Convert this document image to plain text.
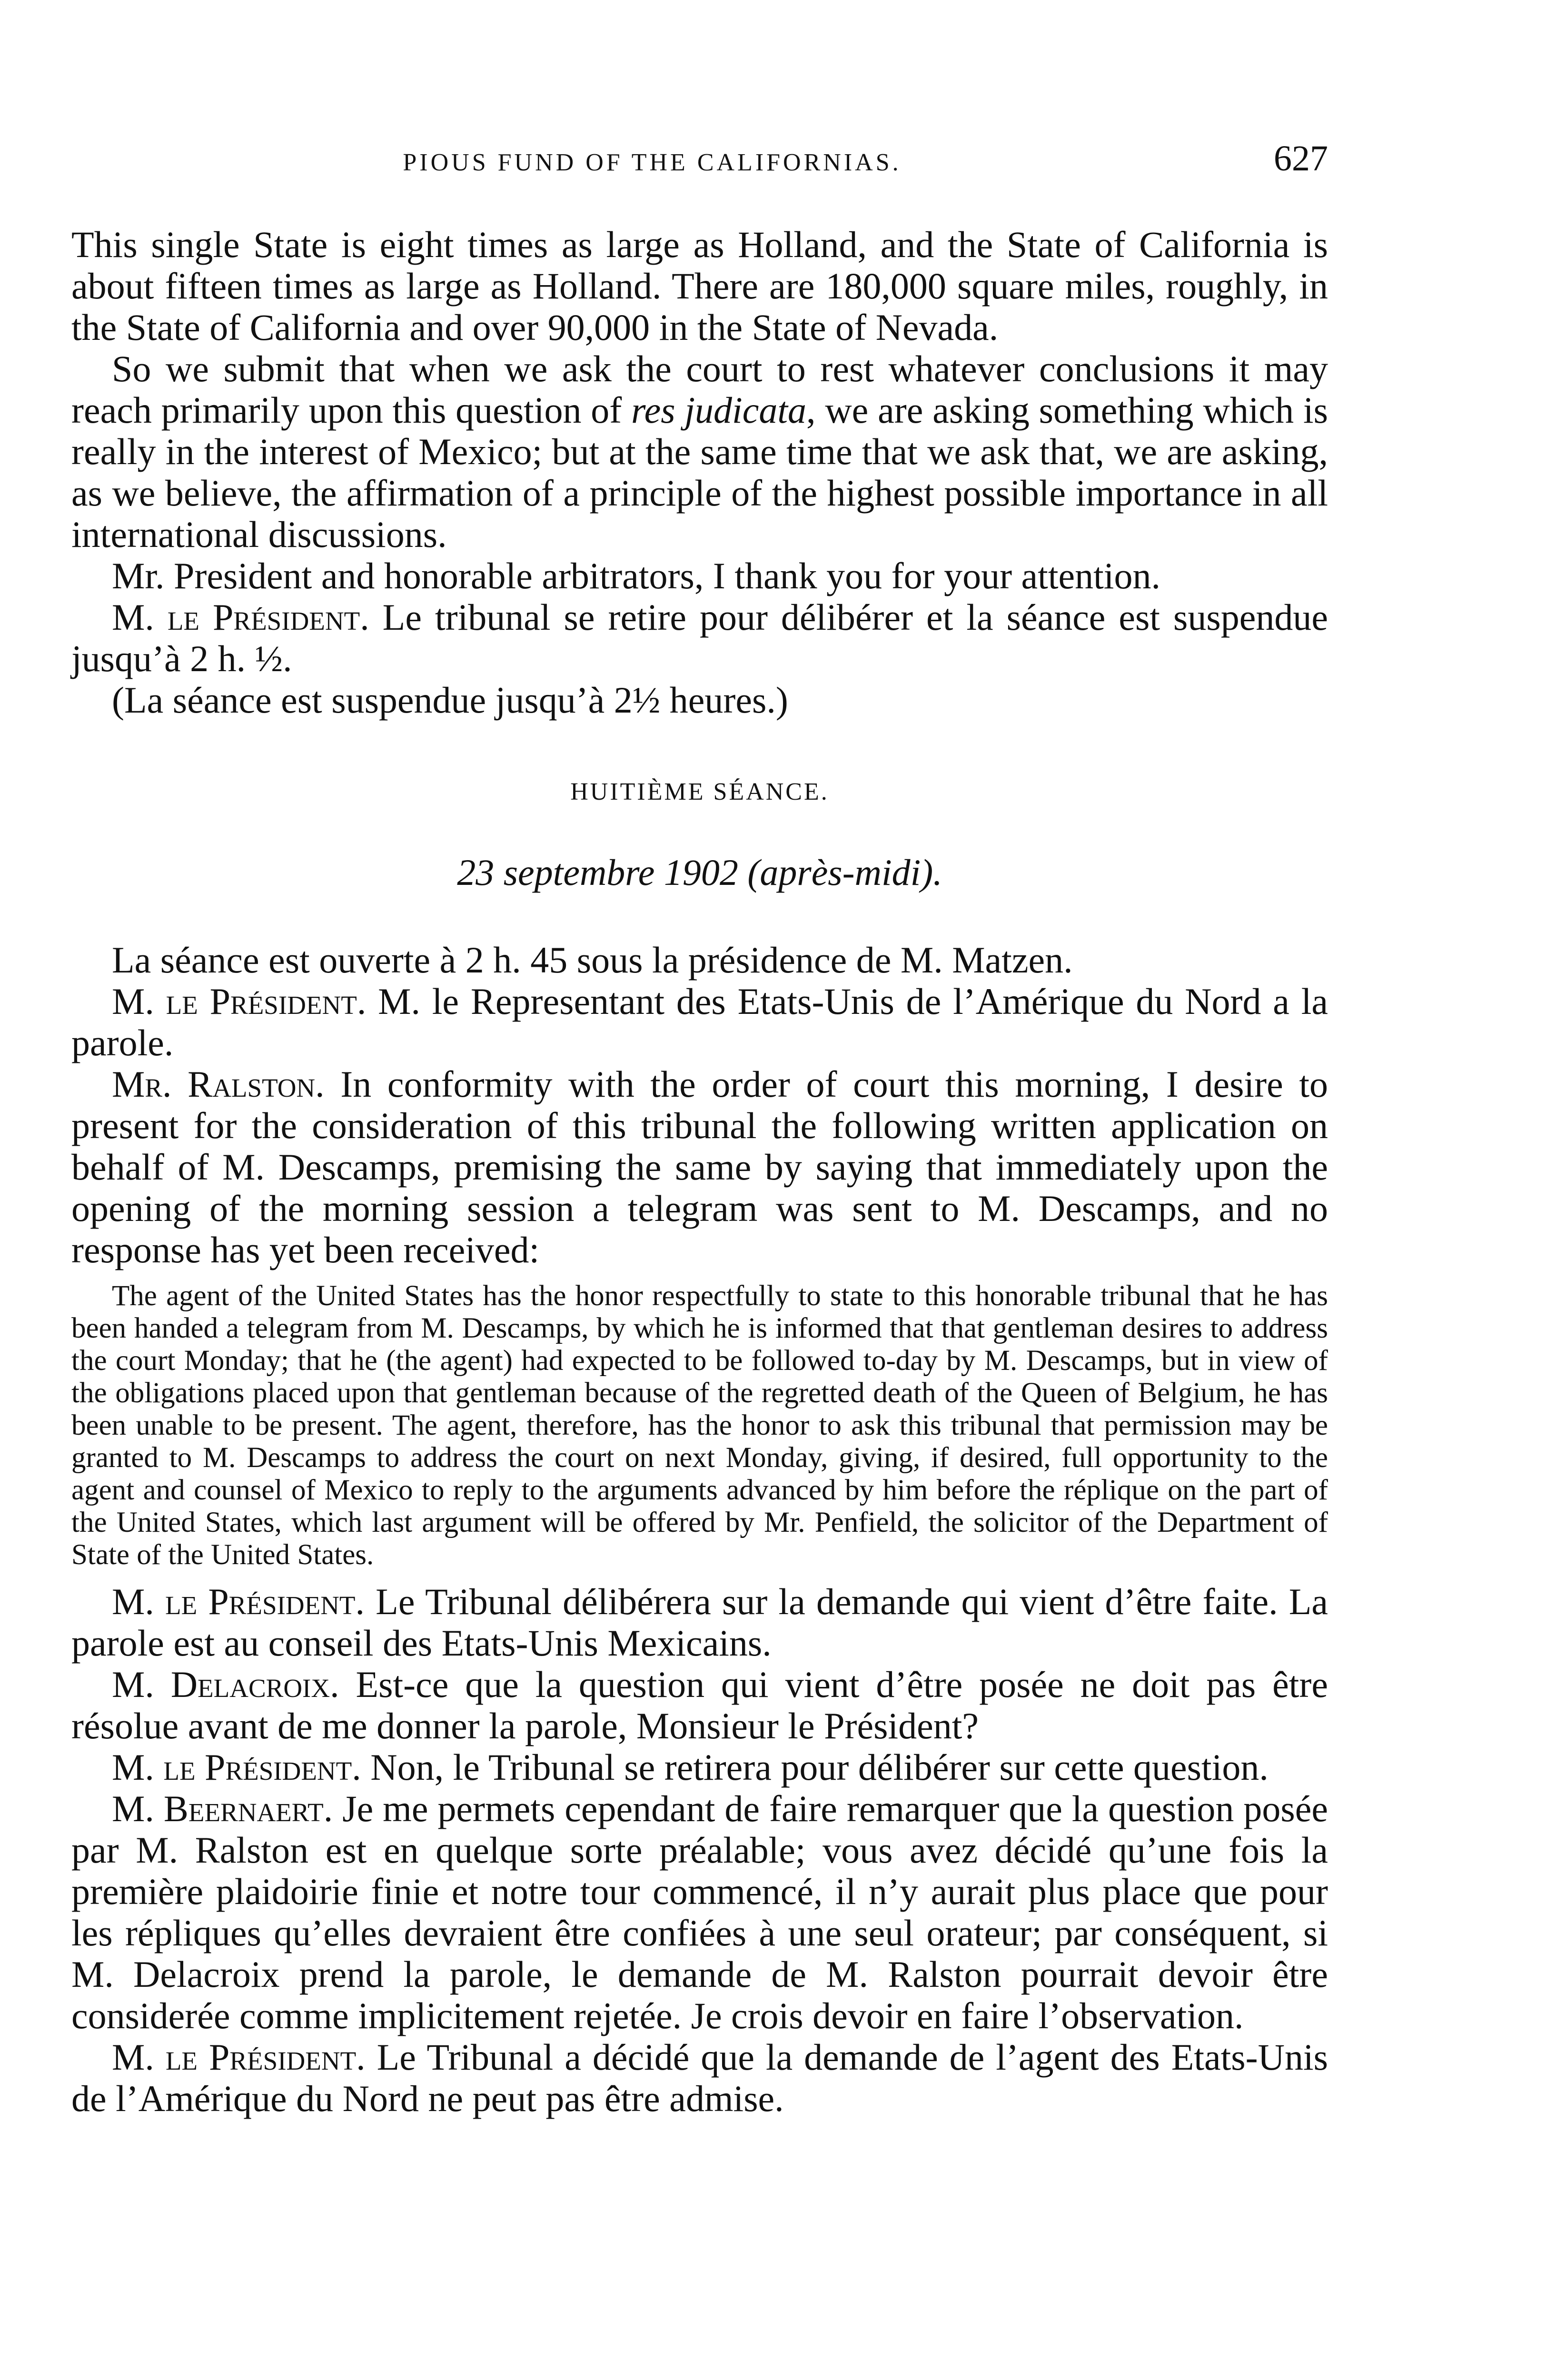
PIOUS FUND OF THE CALIFORNIAS.	627

This single State is eight times as large as Holland, and the State of California is about fifteen times as large as Holland. There are 180,000 square miles, roughly, in the State of California and over 90,000 in the State of Nevada.

So we submit that when we ask the court to rest whatever conclusions it may reach primarily upon this question of res judicata, we are asking something which is really in the interest of Mexico; but at the same time that we ask that, we are asking, as we believe, the affirmation of a principle of the highest possible importance in all international discussions.

Mr. President and honorable arbitrators, I thank you for your attention.

M. le Président. Le tribunal se retire pour délibérer et la séance est suspendue jusqu’à 2 h. ½.

(La séance est suspendue jusqu’à 2½ heures.)

HUITIÈME SÉANCE.
23 septembre 1902 (après-midi).

La séance est ouverte à 2 h. 45 sous la présidence de M. Matzen.

M. le Président. M. le Representant des Etats-Unis de l’Amérique du Nord a la parole.

Mr. Ralston. In conformity with the order of court this morning, I desire to present for the consideration of this tribunal the following written application on behalf of M. Descamps, premising the same by saying that immediately upon the opening of the morning session a telegram was sent to M. Descamps, and no response has yet been received:

The agent of the United States has the honor respectfully to state to this honorable tribunal that he has been handed a telegram from M. Descamps, by which he is informed that that gentleman desires to address the court Monday; that he (the agent) had expected to be followed to-day by M. Descamps, but in view of the obligations placed upon that gentleman because of the regretted death of the Queen of Belgium, he has been unable to be present. The agent, therefore, has the honor to ask this tribunal that permission may be granted to M. Descamps to address the court on next Monday, giving, if desired, full opportunity to the agent and counsel of Mexico to reply to the arguments advanced by him before the réplique on the part of the United States, which last argument will be offered by Mr. Penfield, the solicitor of the Department of State of the United States.

M. le Président. Le Tribunal délibérera sur la demande qui vient d’être faite. La parole est au conseil des Etats-Unis Mexicains.

M. Delacroix. Est-ce que la question qui vient d’être posée ne doit pas être résolue avant de me donner la parole, Monsieur le Président?

M. le Président. Non, le Tribunal se retirera pour délibérer sur cette question.

M. Beernaert. Je me permets cependant de faire remarquer que la question posée par M. Ralston est en quelque sorte préalable; vous avez décidé qu’une fois la première plaidoirie finie et notre tour commencé, il n’y aurait plus place que pour les répliques qu’elles devraient être confiées à une seul orateur; par conséquent, si M. Delacroix prend la parole, le demande de M. Ralston pourrait devoir être considerée comme implicitement rejetée. Je crois devoir en faire l’observation.

M. le Président. Le Tribunal a décidé que la demande de l’agent des Etats-Unis de l’Amérique du Nord ne peut pas être admise.
